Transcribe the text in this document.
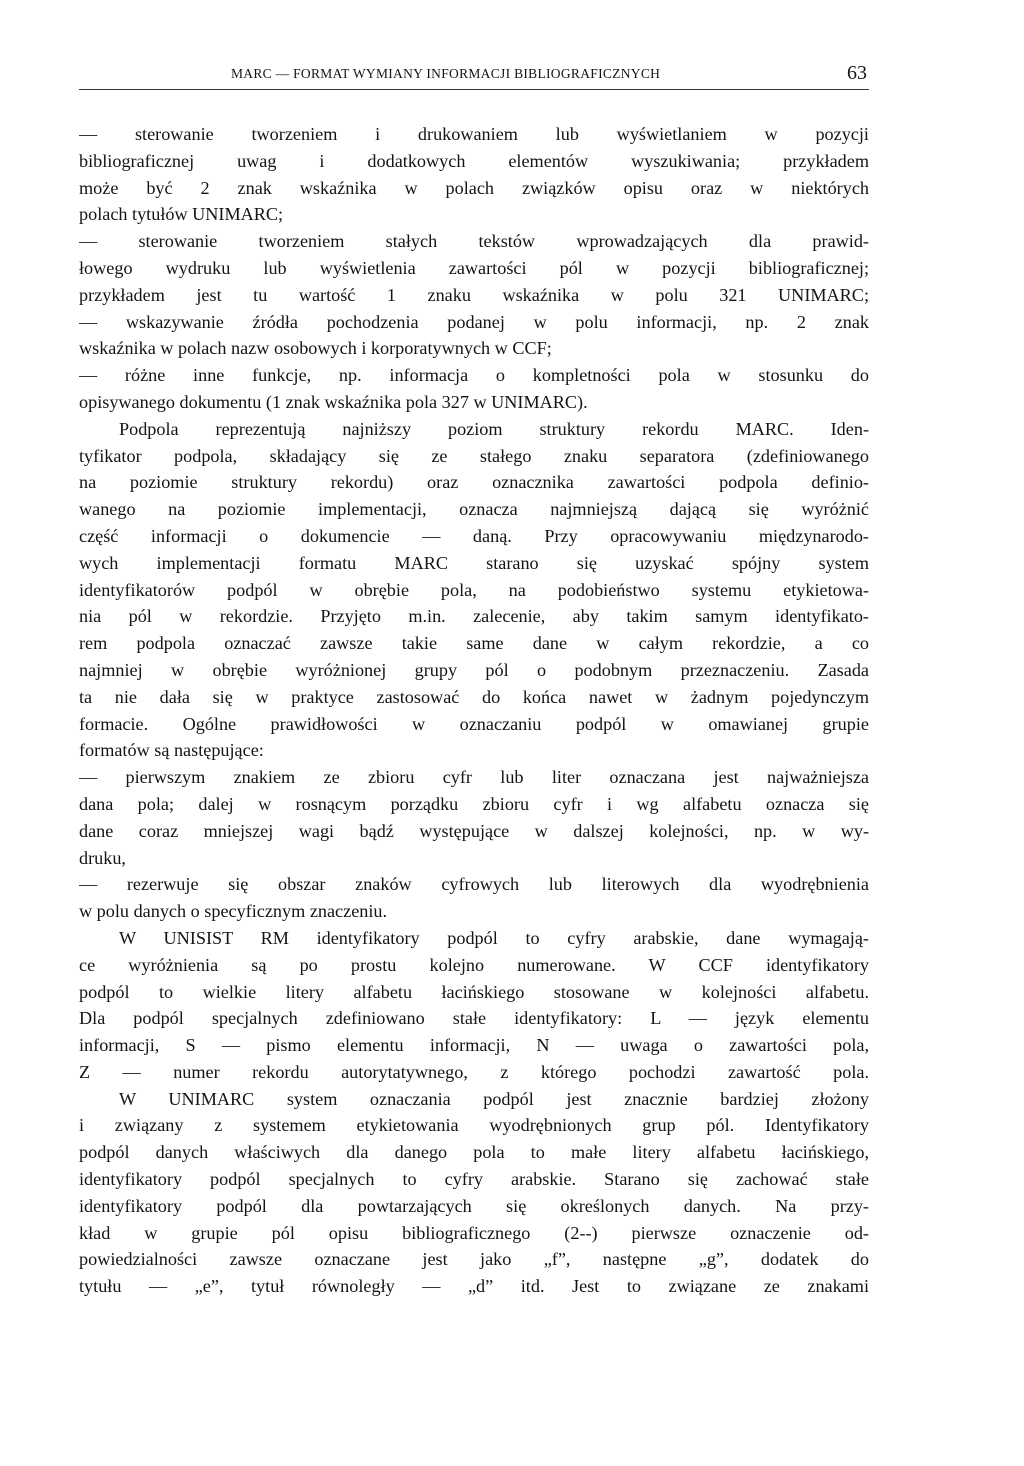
MARC — FORMAT WYMIANY INFORMACJI BIBLIOGRAFICZNYCH	63
— sterowanie tworzeniem i drukowaniem lub wyświetlaniem w pozycji
bibliograficznej uwag i dodatkowych elementów wyszukiwania; przykładem
może być 2 znak wskaźnika w polach związków opisu oraz w niektórych
polach tytułów UNIMARC;
— sterowanie tworzeniem stałych tekstów wprowadzających dla prawid-
łowego wydruku lub wyświetlenia zawartości pól w pozycji bibliograficznej;
przykładem jest tu wartość 1 znaku wskaźnika w polu 321 UNIMARC;
— wskazywanie źródła pochodzenia podanej w polu informacji, np. 2 znak
wskaźnika w polach nazw osobowych i korporatywnych w CCF;
— różne inne funkcje, np. informacja o kompletności pola w stosunku do
opisywanego dokumentu (1 znak wskaźnika pola 327 w UNIMARC).
Podpola reprezentują najniższy poziom struktury rekordu MARC. Iden-
tyfikator podpola, składający się ze stałego znaku separatora (zdefiniowanego
na poziomie struktury rekordu) oraz oznacznika zawartości podpola definio-
wanego na poziomie implementacji, oznacza najmniejszą dającą się wyróżnić
część informacji o dokumencie — daną. Przy opracowywaniu międzynarodo-
wych implementacji formatu MARC starano się uzyskać spójny system
identyfikatorów podpól w obrębie pola, na podobieństwo systemu etykietowa-
nia pól w rekordzie. Przyjęto m.in. zalecenie, aby takim samym identyfikato-
rem podpola oznaczać zawsze takie same dane w całym rekordzie, a co
najmniej w obrębie wyróżnionej grupy pól o podobnym przeznaczeniu. Zasada
ta nie dała się w praktyce zastosować do końca nawet w żadnym pojedynczym
formacie. Ogólne prawidłowości w oznaczaniu podpól w omawianej grupie
formatów są następujące:
— pierwszym znakiem ze zbioru cyfr lub liter oznaczana jest najważniejsza
dana pola; dalej w rosnącym porządku zbioru cyfr i wg alfabetu oznacza się
dane coraz mniejszej wagi bądź występujące w dalszej kolejności, np. w wy-
druku,
— rezerwuje się obszar znaków cyfrowych lub literowych dla wyodrębnienia
w polu danych o specyficznym znaczeniu.
W UNISIST RM identyfikatory podpól to cyfry arabskie, dane wymagają-
ce wyróżnienia są po prostu kolejno numerowane. W CCF identyfikatory
podpól to wielkie litery alfabetu łacińskiego stosowane w kolejności alfabetu.
Dla podpól specjalnych zdefiniowano stałe identyfikatory: L — język elementu
informacji, S — pismo elementu informacji, N — uwaga o zawartości pola,
Z — numer rekordu autorytatywnego, z którego pochodzi zawartość pola.
W UNIMARC system oznaczania podpól jest znacznie bardziej złożony
i związany z systemem etykietowania wyodrębnionych grup pól. Identyfikatory
podpól danych właściwych dla danego pola to małe litery alfabetu łacińskiego,
identyfikatory podpól specjalnych to cyfry arabskie. Starano się zachować stałe
identyfikatory podpól dla powtarzających się określonych danych. Na przy-
kład w grupie pól opisu bibliograficznego (2--) pierwsze oznaczenie od-
powiedzialności zawsze oznaczane jest jako „f”, następne „g”, dodatek do
tytułu — „e”, tytuł równoległy — „d” itd. Jest to związane ze znakami
